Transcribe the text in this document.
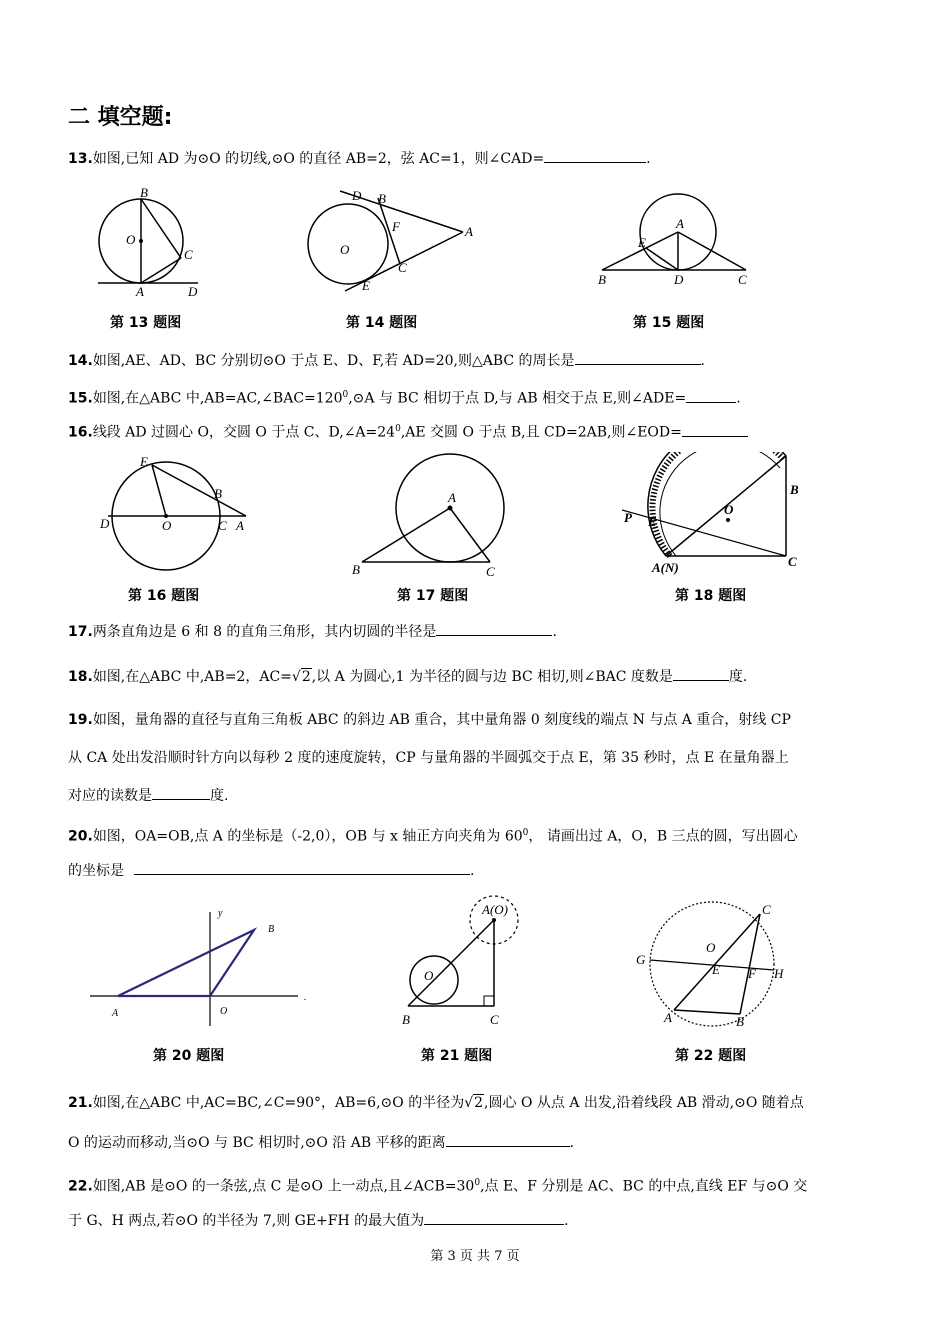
二 填空题:
13.如图,已知 AD 为⊙O 的切线,⊙O 的直径 AB=2，弦 AC=1，则∠CAD=	.
B
O
C
A	D
第 13 题图
D B
F	A
O
C
E
第 14 题图
A
E
D
B	C
第 15 题图
14.如图,AE、AD、BC 分别切⊙O 于点 E、D、F,若 AD=20,则△ABC 的周长是	.
15.如图,在△ABC 中$,AB=AC,\angle BAC=120^0,⊙A$ 与 BC 相切于点 D,与 AB 相交于点 E,则∠ADE=	.
16.线段 AD 过圆心 O，交圆 O 于点 C、$D,\angle A=24^0,AE$ 交圆 O 于点 B,且 CD=2AB,则∠EOD=
E
B
D	O	C A
第 16 题图
A
B	C
第 17 题图
P E
O
B
A(N)	C
第 18 题图
17.两条直角边是 6 和 8 的直角三角形，其内切圆的半径是	.
18.如图,在△ABC 中,AB=2，AC=√2,以 A 为圆心,1 为半径的圆与边 BC 相切,则∠BAC 度数是	度.
19.如图，量角器的直径与直角三角板 ABC 的斜边 AB 重合，其中量角器 0 刻度线的端点 N 与点 A 重合，射线 CP
从 CA 处出发沿顺时针方向以每秒 2 度的速度旋转，CP 与量角器的半圆弧交于点 E，第 35 秒时，点 E 在量角器上
对应的读数是	度.
20.如图，OA=OB,点 A 的坐标是（-2,0），OB 与 x 轴正方向夹角为 $60^0$， 请画出过 A，O，B 三点的圆，写出圆心
的坐标是	.
y
B
A	O
.
第 20 题图
A(O)
O
B	C
第 21 题图
C
O
G
E F H
A	B
第 22 题图
21.如图,在△ABC 中,AC=BC,∠C=90°，AB=6,⊙O 的半径为√2,圆心 O 从点 A 出发,沿着线段 AB 滑动,⊙O 随着点
O 的运动而移动,当⊙O 与 BC 相切时,⊙O 沿 AB 平移的距离	.
22.如图,AB 是⊙O 的一条弦,点 C 是⊙O 上一动点,且$\angle ACB=30^0$,点 E、F 分别是 AC、BC 的中点,直线 EF 与⊙O 交
于 G、H 两点,若⊙O 的半径为 7,则 GE+FH 的最大值为	.
第 3 页 共 7 页
